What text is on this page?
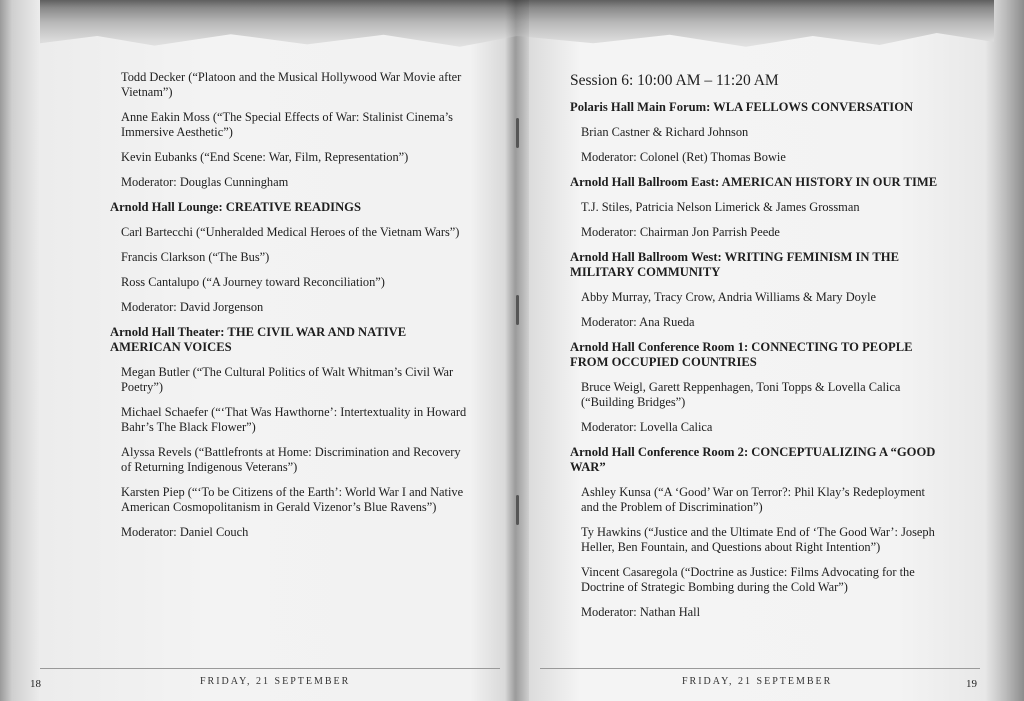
Todd Decker (“Platoon and the Musical Hollywood War Movie after Vietnam”)
Anne Eakin Moss (“The Special Effects of War: Stalinist Cinema’s Immersive Aesthetic”)
Kevin Eubanks (“End Scene: War, Film, Representation”)
Moderator: Douglas Cunningham
Arnold Hall Lounge: CREATIVE READINGS
Carl Bartecchi (“Unheralded Medical Heroes of the Vietnam Wars”)
Francis Clarkson (“The Bus”)
Ross Cantalupo (“A Journey toward Reconciliation”)
Moderator: David Jorgenson
Arnold Hall Theater: THE CIVIL WAR AND NATIVE AMERICAN VOICES
Megan Butler (“The Cultural Politics of Walt Whitman’s Civil War Poetry”)
Michael Schaefer (“‘That Was Hawthorne’: Intertextuality in Howard Bahr’s The Black Flower”)
Alyssa Revels (“Battlefronts at Home: Discrimination and Recovery of Returning Indigenous Veterans”)
Karsten Piep (“‘To be Citizens of the Earth’: World War I and Native American Cosmopolitanism in Gerald Vizenor’s Blue Ravens”)
Moderator: Daniel Couch
Session 6: 10:00 AM – 11:20 AM
Polaris Hall Main Forum: WLA FELLOWS CONVERSATION
Brian Castner & Richard Johnson
Moderator: Colonel (Ret) Thomas Bowie
Arnold Hall Ballroom East: AMERICAN HISTORY IN OUR TIME
T.J. Stiles, Patricia Nelson Limerick & James Grossman
Moderator: Chairman Jon Parrish Peede
Arnold Hall Ballroom West: WRITING FEMINISM IN THE MILITARY COMMUNITY
Abby Murray, Tracy Crow, Andria Williams & Mary Doyle
Moderator: Ana Rueda
Arnold Hall Conference Room 1: CONNECTING TO PEOPLE FROM OCCUPIED COUNTRIES
Bruce Weigl, Garett Reppenhagen, Toni Topps & Lovella Calica (“Building Bridges”)
Moderator: Lovella Calica
Arnold Hall Conference Room 2: CONCEPTUALIZING A “GOOD WAR”
Ashley Kunsa (“A ‘Good’ War on Terror?: Phil Klay’s Redeployment and the Problem of Discrimination”)
Ty Hawkins (“Justice and the Ultimate End of ‘The Good War’: Joseph Heller, Ben Fountain, and Questions about Right Intention”)
Vincent Casaregola (“Doctrine as Justice: Films Advocating for the Doctrine of Strategic Bombing during the Cold War”)
Moderator: Nathan Hall
18	FRIDAY, 21 SEPTEMBER	FRIDAY, 21 SEPTEMBER	19
